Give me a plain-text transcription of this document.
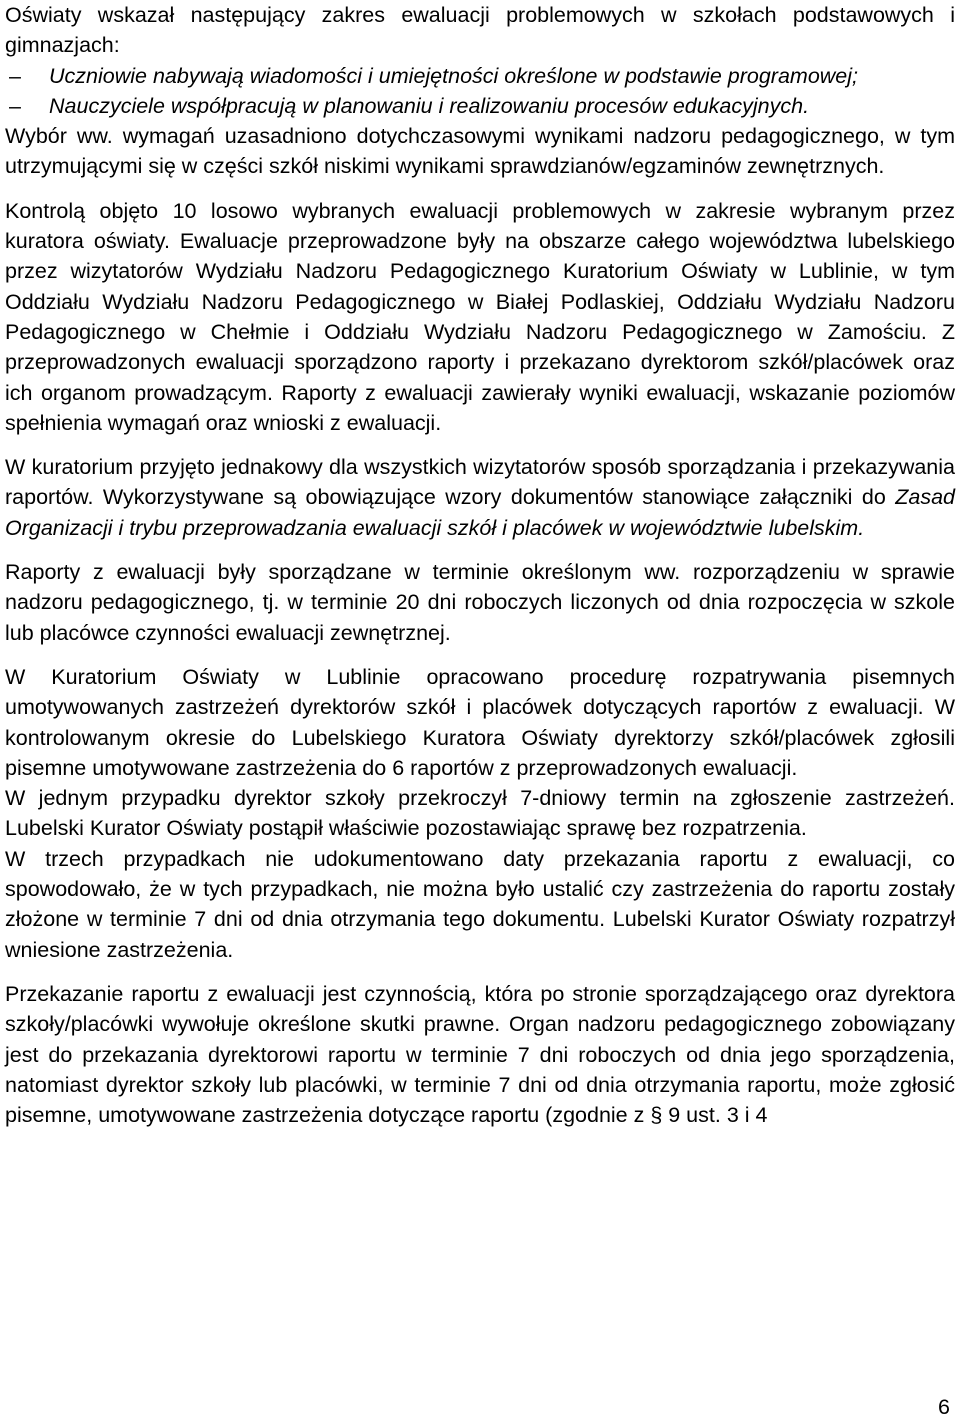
Oświaty wskazał następujący zakres ewaluacji problemowych w szkołach podstawowych i gimnazjach:

– Uczniowie nabywają wiadomości i umiejętności określone w podstawie programowej;
– Nauczyciele współpracują w planowaniu i realizowaniu procesów edukacyjnych.

Wybór ww. wymagań uzasadniono dotychczasowymi wynikami nadzoru pedagogicznego, w tym utrzymującymi się w części szkół niskimi wynikami sprawdzianów/egzaminów zewnętrznych.

Kontrolą objęto 10 losowo wybranych ewaluacji problemowych w zakresie wybranym przez kuratora oświaty. Ewaluacje przeprowadzone były na obszarze całego województwa lubelskiego przez wizytatorów Wydziału Nadzoru Pedagogicznego Kuratorium Oświaty w Lublinie, w tym Oddziału Wydziału Nadzoru Pedagogicznego w Białej Podlaskiej, Oddziału Wydziału Nadzoru Pedagogicznego w Chełmie i Oddziału Wydziału Nadzoru Pedagogicznego w Zamościu. Z przeprowadzonych ewaluacji sporządzono raporty i przekazano dyrektorom szkół/placówek oraz ich organom prowadzącym. Raporty z ewaluacji zawierały wyniki ewaluacji, wskazanie poziomów spełnienia wymagań oraz wnioski z ewaluacji.

W kuratorium przyjęto jednakowy dla wszystkich wizytatorów sposób sporządzania i przekazywania raportów. Wykorzystywane są obowiązujące wzory dokumentów stanowiące załączniki do Zasad Organizacji i trybu przeprowadzania ewaluacji szkół i placówek w województwie lubelskim.

Raporty z ewaluacji były sporządzane w terminie określonym ww. rozporządzeniu w sprawie nadzoru pedagogicznego, tj. w terminie 20 dni roboczych liczonych od dnia rozpoczęcia w szkole lub placówce czynności ewaluacji zewnętrznej.

W Kuratorium Oświaty w Lublinie opracowano procedurę rozpatrywania pisemnych umotywowanych zastrzeżeń dyrektorów szkół i placówek dotyczących raportów z ewaluacji. W kontrolowanym okresie do Lubelskiego Kuratora Oświaty dyrektorzy szkół/placówek zgłosili pisemne umotywowane zastrzeżenia do 6 raportów z przeprowadzonych ewaluacji.

W jednym przypadku dyrektor szkoły przekroczył 7-dniowy termin na zgłoszenie zastrzeżeń. Lubelski Kurator Oświaty postąpił właściwie pozostawiając sprawę bez rozpatrzenia.

W trzech przypadkach nie udokumentowano daty przekazania raportu z ewaluacji, co spowodowało, że w tych przypadkach, nie można było ustalić czy zastrzeżenia do raportu zostały złożone w terminie 7 dni od dnia otrzymania tego dokumentu. Lubelski Kurator Oświaty rozpatrzył wniesione zastrzeżenia.

Przekazanie raportu z ewaluacji jest czynnością, która po stronie sporządzającego oraz dyrektora szkoły/placówki wywołuje określone skutki prawne. Organ nadzoru pedagogicznego zobowiązany jest do przekazania dyrektorowi raportu w terminie 7 dni roboczych od dnia jego sporządzenia, natomiast dyrektor szkoły lub placówki, w terminie 7 dni od dnia otrzymania raportu, może zgłosić pisemne, umotywowane zastrzeżenia dotyczące raportu (zgodnie z § 9 ust. 3 i 4

6
